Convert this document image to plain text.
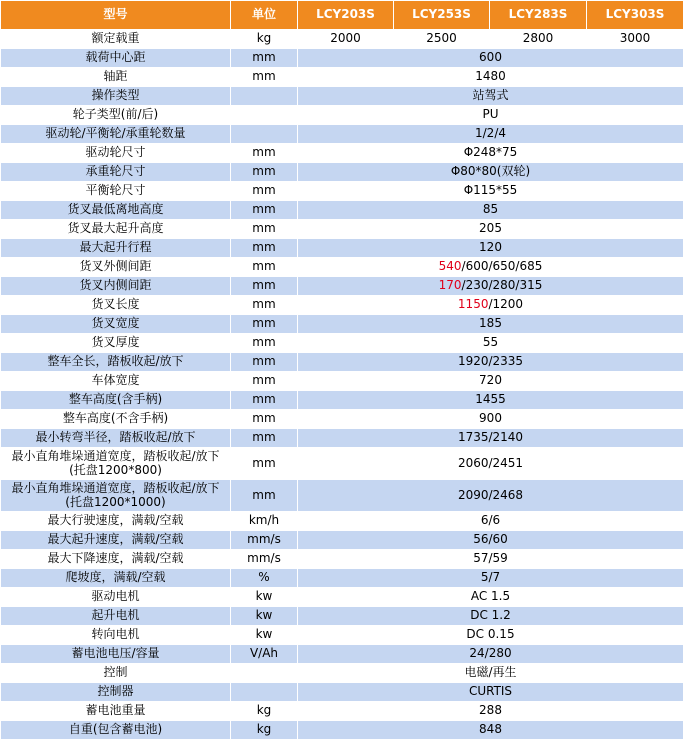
型号	单位	LCY203S	LCY253S	LCY283S	LCY303S
额定载重	kg	2000	2500	2800	3000
载荷中心距	mm	600			
轴距	mm	1480			
操作类型		站驾式			
轮子类型(前/后)		PU			
驱动轮/平衡轮/承重轮数量		1/2/4			
驱动轮尺寸	mm	Φ248*75			
承重轮尺寸	mm	Φ80*80(双轮)			
平衡轮尺寸	mm	Φ115*55			
货叉最低离地高度	mm	85			
货叉最大起升高度	mm	205			
最大起升行程	mm	120			
货叉外侧间距	mm	540/600/650/685			
货叉内侧间距	mm	170/230/280/315			
货叉长度	mm	1150/1200			
货叉宽度	mm	185			
货叉厚度	mm	55			
整车全长，踏板收起/放下	mm	1920/2335			
车体宽度	mm	720			
整车高度(含手柄)	mm	1455			
整车高度(不含手柄)	mm	900			
最小转弯半径，踏板收起/放下	mm	1735/2140			

最小直角堆垛通道宽度，踏板收起/放下
(托盘1200*800)	mm	2060/2451			

最小直角堆垛通道宽度，踏板收起/放下
(托盘1200*1000)	mm	2090/2468			
最大行驶速度，满载/空载	km/h	6/6			
最大起升速度，满载/空载	mm/s	56/60			
最大下降速度，满载/空载	mm/s	57/59			
爬坡度，满载/空载	%	5/7			
驱动电机	kw	AC 1.5			
起升电机	kw	DC 1.2			
转向电机	kw	DC 0.15			
蓄电池电压/容量	V/Ah	24/280			
控制		电磁/再生			
控制器		CURTIS			
蓄电池重量	kg	288			
自重(包含蓄电池)	kg	848			
